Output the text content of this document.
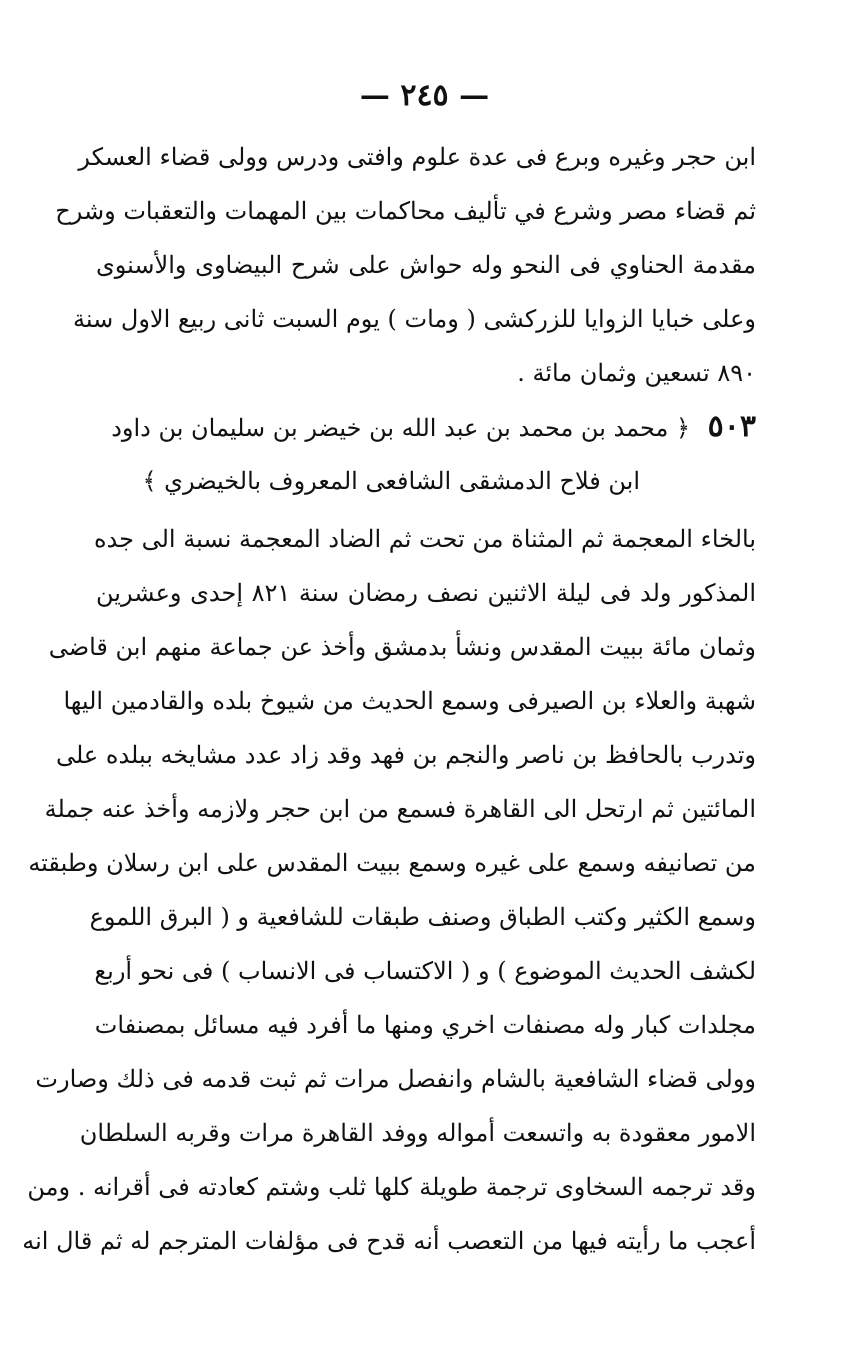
— ٢٤٥ —
ابن حجر وغيره وبرع فى عدة علوم وافتى ودرس وولى قضاء العسكر
ثم قضاء مصر وشرع في تأليف محاكمات بين المهمات والتعقبات وشرح
مقدمة الحناوي فى النحو وله حواش على شرح البيضاوى والأسنوى
وعلى خبايا الزوايا للزركشى ( ومات ) يوم السبت ثانى ربيع الاول سنة
٨٩٠ تسعين وثمان مائة .
٥٠٣ ﴿ محمد بن محمد بن عبد الله بن خيضر بن سليمان بن داود
ابن فلاح الدمشقى الشافعى المعروف بالخيضري ﴾
بالخاء المعجمة ثم المثناة من تحت ثم الضاد المعجمة نسبة الى جده
المذكور ولد فى ليلة الاثنين نصف رمضان سنة ٨٢١ إحدى وعشرين
وثمان مائة ببيت المقدس ونشأ بدمشق وأخذ عن جماعة منهم ابن قاضى
شهبة والعلاء بن الصيرفى وسمع الحديث من شيوخ بلده والقادمين اليها
وتدرب بالحافظ بن ناصر والنجم بن فهد وقد زاد عدد مشايخه ببلده على
المائتين ثم ارتحل الى القاهرة فسمع من ابن حجر ولازمه وأخذ عنه جملة
من تصانيفه وسمع على غيره وسمع ببيت المقدس على ابن رسلان وطبقته
وسمع الكثير وكتب الطباق وصنف طبقات للشافعية و ( البرق اللموع
لكشف الحديث الموضوع ) و ( الاكتساب فى الانساب ) فى نحو أربع
مجلدات كبار وله مصنفات اخري ومنها ما أفرد فيه مسائل بمصنفات
وولى قضاء الشافعية بالشام وانفصل مرات ثم ثبت قدمه فى ذلك وصارت
الامور معقودة به واتسعت أمواله ووفد القاهرة مرات وقربه السلطان
وقد ترجمه السخاوى ترجمة طويلة كلها ثلب وشتم كعادته فى أقرانه . ومن
أعجب ما رأيته فيها من التعصب أنه قدح فى مؤلفات المترجم له ثم قال انه
